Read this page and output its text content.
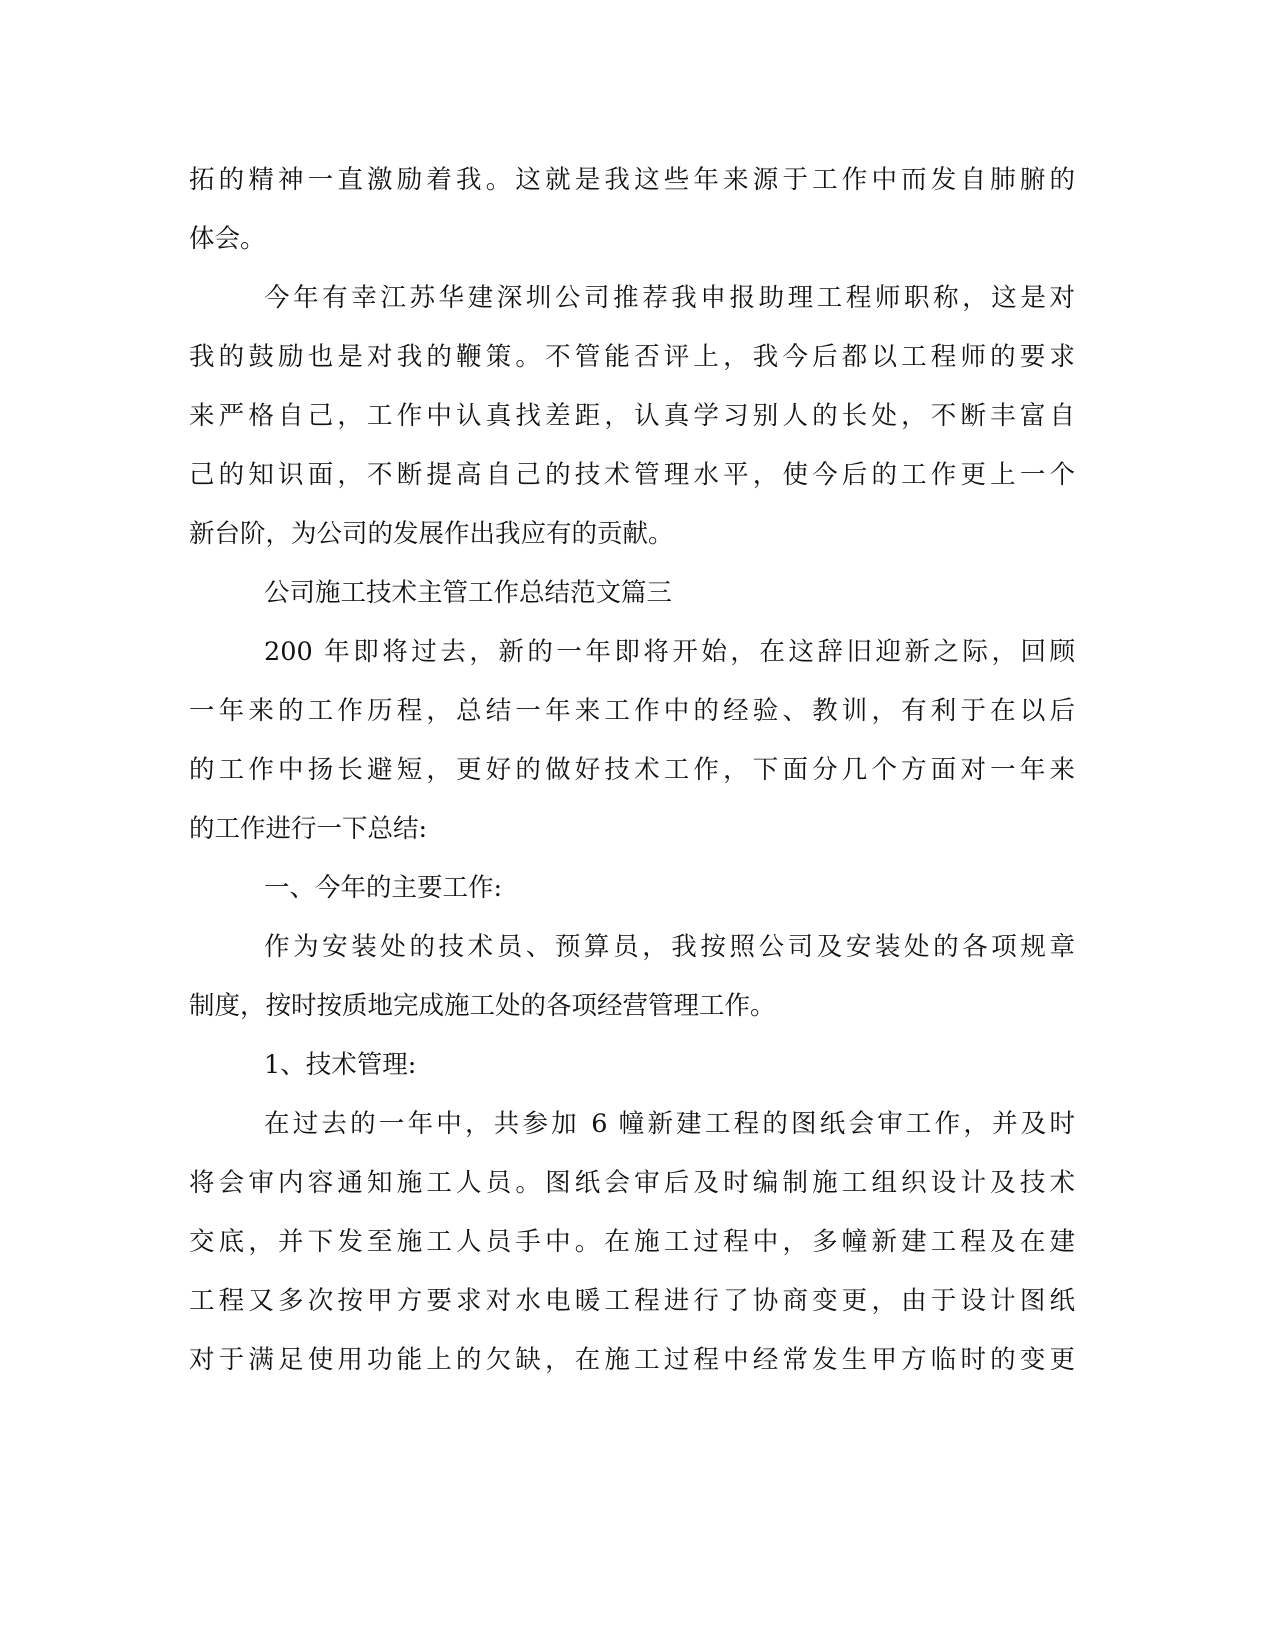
拓的精神一直激励着我。这就是我这些年来源于工作中而发自肺腑的
体会。
今年有幸江苏华建深圳公司推荐我申报助理工程师职称，这是对
我的鼓励也是对我的鞭策。不管能否评上，我今后都以工程师的要求
来严格自己，工作中认真找差距，认真学习别人的长处，不断丰富自
己的知识面，不断提高自己的技术管理水平，使今后的工作更上一个
新台阶，为公司的发展作出我应有的贡献。
公司施工技术主管工作总结范文篇三
200 年即将过去，新的一年即将开始，在这辞旧迎新之际，回顾
一年来的工作历程，总结一年来工作中的经验、教训，有利于在以后
的工作中扬长避短，更好的做好技术工作，下面分几个方面对一年来
的工作进行一下总结:
一、今年的主要工作:
作为安装处的技术员、预算员，我按照公司及安装处的各项规章
制度，按时按质地完成施工处的各项经营管理工作。
1、技术管理:
在过去的一年中，共参加 6 幢新建工程的图纸会审工作，并及时
将会审内容通知施工人员。图纸会审后及时编制施工组织设计及技术
交底，并下发至施工人员手中。在施工过程中，多幢新建工程及在建
工程又多次按甲方要求对水电暖工程进行了协商变更，由于设计图纸
对于满足使用功能上的欠缺，在施工过程中经常发生甲方临时的变更
